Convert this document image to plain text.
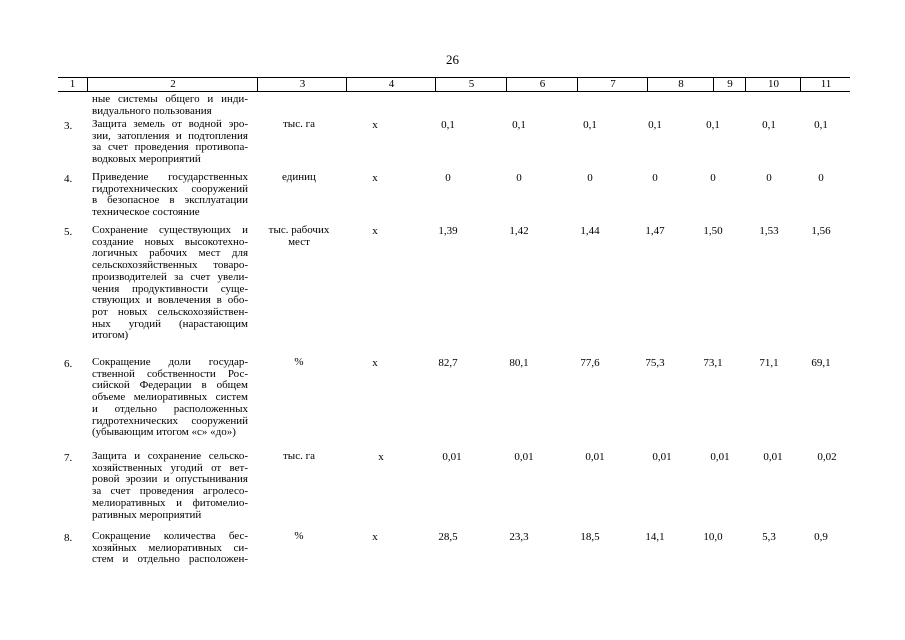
26
1	2	3	4	5	6	7	8	9	10	11
ные системы общего и инди-
видуального пользования
3. Защита земель от водной эро-
зии, затопления и подтопления
за счет проведения противопа-
водковых мероприятий
тыс. га	х	0,1	0,1	0,1	0,1	0,1	0,1	0,1
4. Приведение государственных
гидротехнических сооружений
в безопасное в эксплуатации
техническое состояние
единиц	х	0	0	0	0	0	0	0
5. Сохранение существующих и
создание новых высокотехно-
логичных рабочих мест для
сельскохозяйственных товаро-
производителей за счет увели-
чения продуктивности суще-
ствующих и вовлечения в обо-
рот новых сельскохозяйствен-
ных угодий (нарастающим
итогом)
тыс. рабочих
мест
х	1,39	1,42	1,44	1,47	1,50	1,53	1,56
6. Сокращение доли государ-
ственной собственности Рос-
сийской Федерации в общем
объеме мелиоративных систем
и отдельно расположенных
гидротехнических сооружений
(убывающим итогом «с» «до»)
%	х	82,7	80,1	77,6	75,3	73,1	71,1	69,1
7. Защита и сохранение сельско-
хозяйственных угодий от вет-
ровой эрозии и опустынивания
за счет проведения агролесо-
мелиоративных и фитомелио-
ративных мероприятий
тыс. га	х	0,01	0,01	0,01	0,01	0,01	0,01	0,02
8. Сокращение количества бес-
хозяйных мелиоративных си-
стем и отдельно расположен-
%	х	28,5	23,3	18,5	14,1	10,0	5,3	0,9
